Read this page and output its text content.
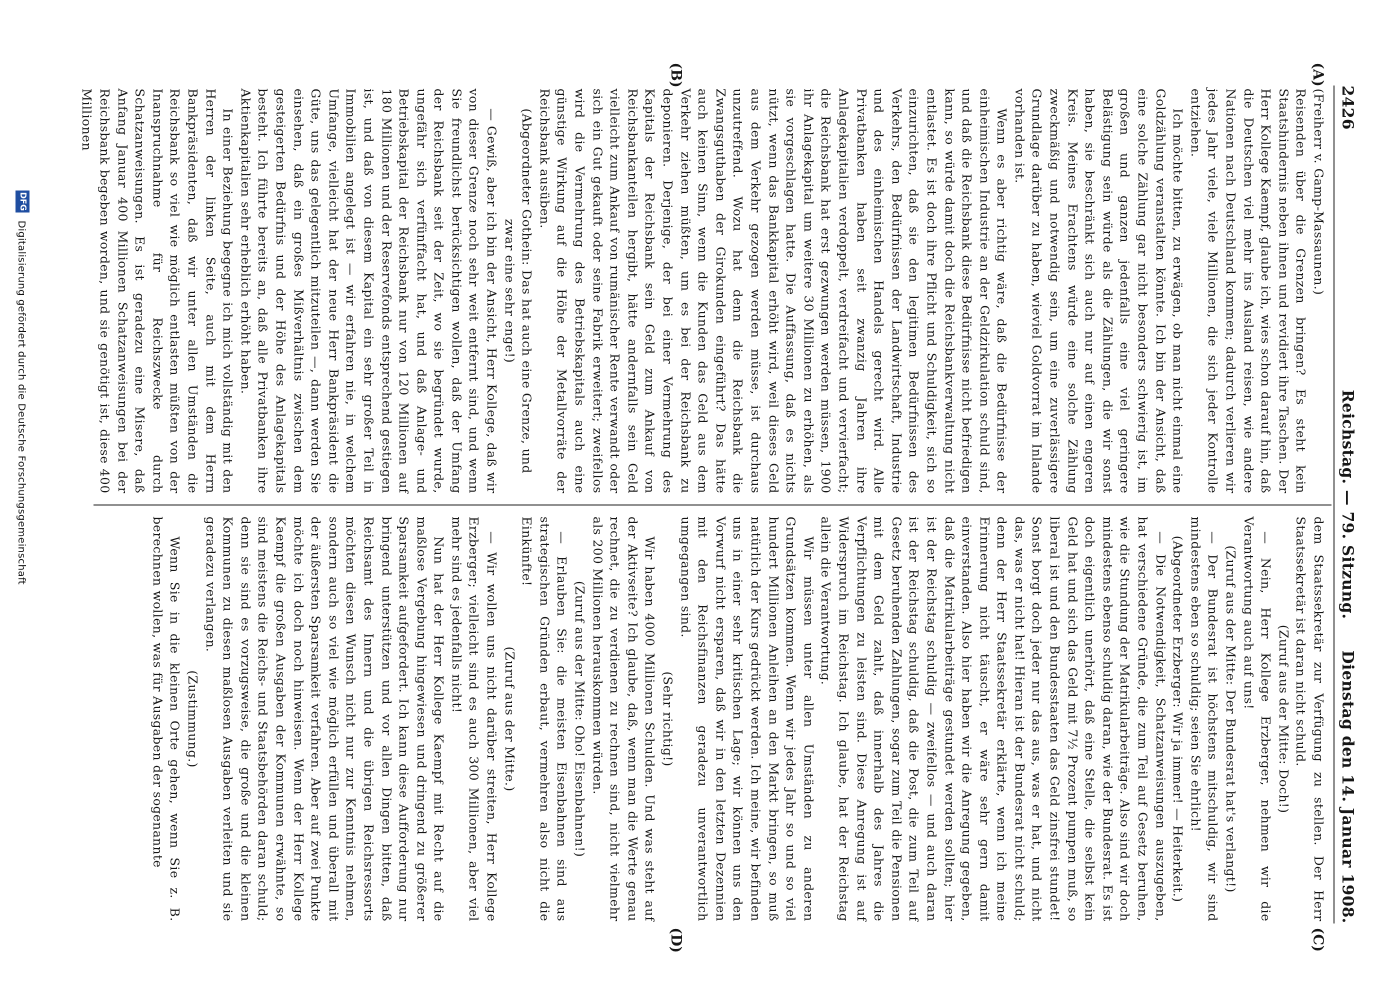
2426
Reichstag. — 79. Sitzung.
Dienstag den 14. Januar 1908.
(A)
(B)
(C)
(D)

(Freiherr v. Gamp-Massaunen.)

Reisenden über die Grenzen bringen? Es steht kein Staatshindernis neben ihnen und revidiert ihre Taschen. Der Herr Kollege Kaempf, glaube ich, wies schon darauf hin, daß die Deutschen viel mehr ins Ausland reisen, wie andere Nationen nach Deutschland kommen; dadurch verlieren wir jedes Jahr viele, viele Millionen, die sich jeder Kontrolle entziehen.

Ich möchte bitten, zu erwägen, ob man nicht einmal eine Goldzählung veranstalten könnte. Ich bin der Ansicht, daß eine solche Zählung gar nicht besonders schwierig ist, im großen und ganzen jedenfalls eine viel geringere Belästigung sein würde als die Zählungen, die wir sonst haben, sie beschränkt sich auch nur auf einen engeren Kreis. Meines Erachtens würde eine solche Zählung zweckmäßig und notwendig sein, um eine zuverlässigere Grundlage darüber zu haben, wieviel Goldvorrat im Inlande vorhanden ist.

Wenn es aber richtig wäre, daß die Bedürfnisse der einheimischen Industrie an der Geldzirkulation schuld sind, und daß die Reichsbank diese Bedürfnisse nicht befriedigen kann, so würde damit doch die Reichsbankverwaltung nicht entlastet. Es ist doch ihre Pflicht und Schuldigkeit, sich so einzurichten, daß sie den legitimen Bedürfnissen des Verkehrs, den Bedürfnissen der Landwirtschaft, Industrie und des einheimischen Handels gerecht wird. Alle Privatbanken haben seit zwanzig Jahren ihre Anlagekapitalien verdoppelt, verdreifacht und vervierfacht; die Reichsbank hat erst gezwungen werden müssen, 1900 ihr Anlagekapital um weitere 30 Millionen zu erhöhen, als sie vorgeschlagen hatte. Die Auffassung, daß es nichts nützt, wenn das Bankkapital erhöht wird, weil dieses Geld aus dem Verkehr gezogen werden müsse, ist durchaus unzutreffend. Wozu hat denn die Reichsbank die Zwangsguthaben der Girokunden eingeführt? Das hätte auch keinen Sinn, wenn die Kunden das Geld aus dem Verkehr ziehen müßten, um es bei der Reichsbank zu deponieren. Derjenige, der bei einer Vermehrung des Kapitals der Reichsbank sein Geld zum Ankauf von Reichsbankanteilen hergibt, hätte andernfalls sein Geld vielleicht zum Ankauf von rumänischer Rente verwandt oder sich ein Gut gekauft oder seine Fabrik erweitert; zweifellos wird die Vermehrung des Betriebskapitals auch eine günstige Wirkung auf die Höhe der Metallvorräte der Reichsbank ausüben.

(Abgeordneter Gothein: Das hat auch eine Grenze, und zwar eine sehr enge!)

— Gewiß, aber ich bin der Ansicht, Herr Kollege, daß wir von dieser Grenze noch sehr weit entfernt sind, und wenn Sie freundlichst berücksichtigen wollen, daß der Umfang der Reichsbank seit der Zeit, wo sie begründet wurde, ungefähr sich verfünffacht hat, und daß Anlage- und Betriebskapital der Reichsbank nur von 120 Millionen auf 180 Millionen und der Reservefonds entsprechend gestiegen ist, und daß von diesem Kapital ein sehr großer Teil in Immobilien angelegt ist — wir erfahren nie, in welchem Umfange, vielleicht hat der neue Herr Bankpräsident die Güte, uns das gelegentlich mitzuteilen —, dann werden Sie einsehen, daß ein großes Mißverhältnis zwischen dem gesteigerten Bedürfnis und der Höhe des Anlagekapitals besteht. Ich führte bereits an, daß alle Privatbanken ihre Aktienkapitalien sehr erheblich erhöht haben.

In einer Beziehung begegne ich mich vollständig mit den Herren der linken Seite, auch mit dem Herrn Bankpräsidenten, daß wir unter allen Umständen die Reichsbank so viel wie möglich entlasten müßten von der Inanspruchnahme für Reichszwecke durch Schatzanweisungen. Es ist geradezu eine Misere, daß Anfang Januar 400 Millionen Schatzanweisungen bei der Reichsbank begeben worden, und sie genötigt ist, diese 400 Millionen

dem Staatssekretär zur Verfügung zu stellen. Der Herr Staatssekretär ist daran nicht schuld.

(Zuruf aus der Mitte: Doch!)

— Nein, Herr Kollege Erzberger, nehmen wir die Verantwortung auch auf uns!

(Zuruf aus der Mitte: Der Bundesrat hat's verlangt!)

— Der Bundesrat ist höchstens mitschuldig, wir sind mindestens eben so schuldig; seien Sie ehrlich!

(Abgeordneter Erzberger: Wir ja immer! — Heiterkeit.)

— Die Notwendigkeit, Schatzanweisungen auszugeben, hat verschiedene Gründe, die zum Teil auf Gesetz beruhen, wie die Stundung der Matrikularbeiträge. Also sind wir doch mindestens ebenso schuldig daran, wie der Bundesrat. Es ist doch eigentlich unerhört, daß eine Stelle, die selbst kein Geld hat und sich das Geld mit 7½ Prozent pumpen muß, so liberal ist und den Bundesstaaten das Geld zinsfrei stundet! Sonst borgt doch jeder nur das aus, was er hat, und nicht das, was er nicht hat! Hieran ist der Bundesrat nicht schuld; denn der Herr Staatssekretär erklärte, wenn ich meine Erinnerung nicht täuscht, er wäre sehr gern damit einverstanden. Also hier haben wir die Anregung gegeben, daß die Matrikularbeiträge gestundet werden sollten; hier ist der Reichstag schuldig — zweifellos — und auch daran ist der Reichstag schuldig, daß die Post, die zum Teil auf Gesetz beruhenden Zahlungen, sogar zum Teil die Pensionen mit dem Geld zahlt, daß innerhalb des Jahres die Verpflichtungen zu leisten sind. Diese Anregung ist auf Widerspruch im Reichstag. Ich glaube, hat der Reichstag allein die Verantwortung.

Wir müssen unter allen Umständen zu anderen Grundsätzen kommen. Wenn wir jedes Jahr so und so viel hundert Millionen Anleihen an den Markt bringen, so muß natürlich der Kurs gedrückt werden. Ich meine, wir befinden uns in einer sehr kritischen Lage; wir können uns den Vorwurf nicht ersparen, daß wir in den letzten Dezennien mit den Reichsfinanzen geradezu unverantwortlich umgegangen sind.

(Sehr richtig!)

Wir haben 4000 Millionen Schulden. Und was steht auf der Aktivseite? Ich glaube, daß, wenn man die Werte genau rechnet, die zu verdienen zu rechnen sind, nicht vielmehr als 200 Millionen herauskommen würden.

(Zuruf aus der Mitte: Oho! Eisenbahnen!)

— Erlauben Sie: die meisten Eisenbahnen sind aus strategischen Gründen erbaut, vermehren also nicht die Einkünfte!

(Zuruf aus der Mitte.)

— Wir wollen uns nicht darüber streiten, Herr Kollege Erzberger; vielleicht sind es auch 300 Millionen, aber viel mehr sind es jedenfalls nicht!

Nun hat der Herr Kollege Kaempf mit Recht auf die maßlose Vergebung hingewiesen und dringend zu größerer Sparsamkeit aufgefordert. Ich kann diese Aufforderung nur bringend unterstützen und vor allen Dingen bitten, daß Reichsamt des Innern und die übrigen Reichsressorts möchten diesen Wunsch nicht nur zur Kenntnis nehmen, sondern auch so viel wie möglich erfüllen und überall mit der äußersten Sparsamkeit verfahren. Aber auf zwei Punkte möchte ich doch noch hinweisen. Wenn der Herr Kollege Kaempf die großen Ausgaben der Kommunen erwähnte, so sind meistens die Reichs- und Staatsbehörden daran schuld; denn sie sind es vorzugsweise, die große und die kleinen Kommunen zu diesen maßlosen Ausgaben verleiten und sie geradezu verlangen.

(Zustimmung.)

Wenn Sie in die kleinen Orte gehen, wenn Sie z. B. berechnen wollen, was für Ausgaben der sogenannte

DFG
Digitalisierung gefördert durch die Deutsche Forschungsgemeinschaft
